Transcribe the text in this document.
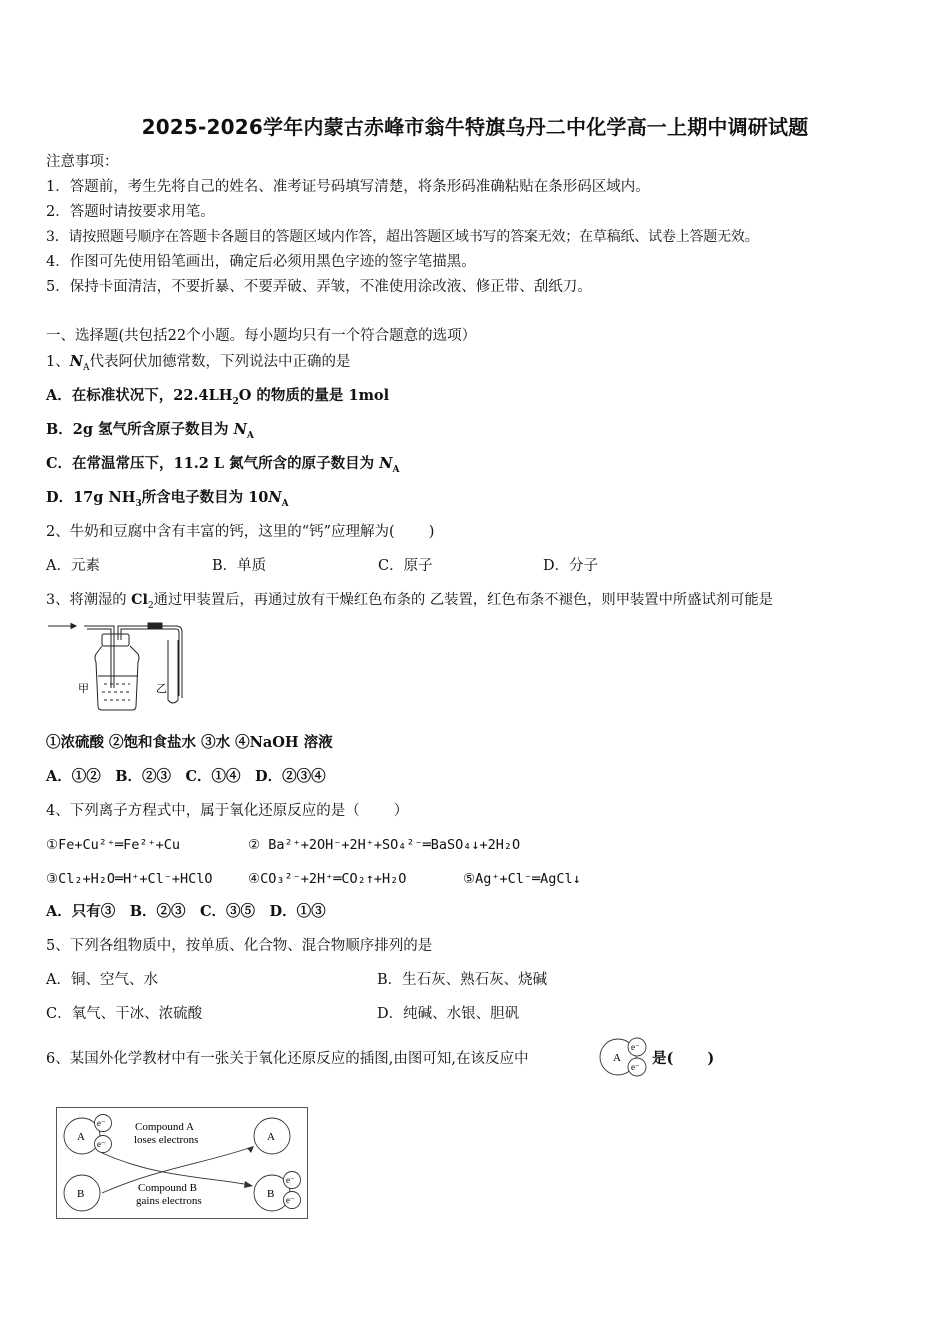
2025-2026学年内蒙古赤峰市翁牛特旗乌丹二中化学高一上期中调研试题
注意事项：
1．答题前，考生先将自己的姓名、准考证号码填写清楚，将条形码准确粘贴在条形码区域内。
2．答题时请按要求用笔。
3．请按照题号顺序在答题卡各题目的答题区域内作答，超出答题区域书写的答案无效；在草稿纸、试卷上答题无效。
4．作图可先使用铅笔画出，确定后必须用黑色字迹的签字笔描黑。
5．保持卡面清洁，不要折暴、不要弄破、弄皱，不准使用涂改液、修正带、刮纸刀。
一、选择题(共包括22个小题。每小题均只有一个符合题意的选项）
1、$N_A$代表阿伏加德常数，下列说法中正确的是
A．在标准状况下，$22.4LH_2O$ 的物质的量是 1mol
B．2g 氢气所含原子数目为 $N_A$
C．在常温常压下，11.2 L 氮气所含的原子数目为 $N_A$
D．17g $NH_3$所含电子数目为 $10N_A$
2、牛奶和豆腐中含有丰富的钙，这里的“钙”应理解为( )
A．元素	B．单质	C．原子	D．分子
3、将潮湿的 $Cl_2$通过甲装置后，再通过放有干燥红色布条的 乙装置，红色布条不褪色，则甲装置中所盛试剂可能是
甲	乙
①浓硫酸 ②饱和食盐水 ③水 ④NaOH 溶液
A．①②　B．②③　C．①④　D．②③④
4、下列离子方程式中，属于氧化还原反应的是（ ）
①Fe+Cu²⁺═Fe²⁺+Cu	② Ba²⁺+2OH⁻+2H⁺+SO₄²⁻═BaSO₄↓+2H₂O
③Cl₂+H₂O═H⁺+Cl⁻+HClO	④CO₃²⁻+2H⁺═CO₂↑+H₂O	⑤Ag⁺+Cl⁻═AgCl↓
A．只有③　B．②③　C．③⑤　D．①③
5、下列各组物质中，按单质、化合物、混合物顺序排列的是
A．铜、空气、水	B．生石灰、熟石灰、烧碱
C．氧气、干冰、浓硫酸	D．纯碱、水银、胆矾
6、某国外化学教材中有一张关于氧化还原反应的插图,由图可知,在该反应中	A
e⁻
e⁻ 是( )
A	A
B	B
e⁻
e⁻
e⁻
e⁻
Compound A
loses electrons
Compound B
gains electrons
